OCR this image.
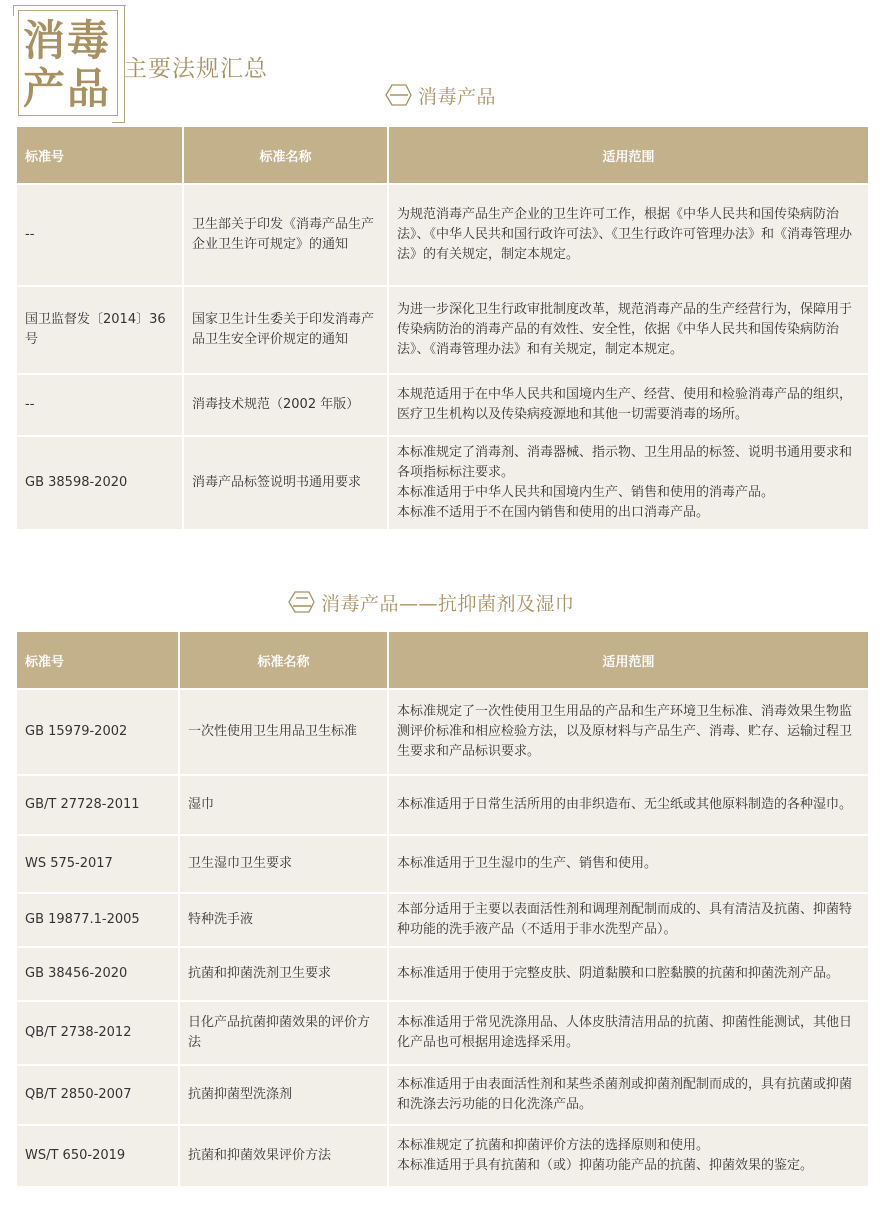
消毒
产品 主要法规汇总
消毒产品
标准号	标准名称	适用范围
--	卫生部关于印发《消毒产品生产企业卫生许可规定》的通知	为规范消毒产品生产企业的卫生许可工作，根据《中华人民共和国传染病防治法》、《中华人民共和国行政许可法》、《卫生行政许可管理办法》和《消毒管理办法》的有关规定，制定本规定。
国卫监督发〔2014〕36号	国家卫生计生委关于印发消毒产品卫生安全评价规定的通知	为进一步深化卫生行政审批制度改革，规范消毒产品的生产经营行为，保障用于传染病防治的消毒产品的有效性、安全性，依据《中华人民共和国传染病防治法》、《消毒管理办法》和有关规定，制定本规定。
--	消毒技术规范（2002 年版）	本规范适用于在中华人民共和国境内生产、经营、使用和检验消毒产品的组织，医疗卫生机构以及传染病疫源地和其他一切需要消毒的场所。
GB 38598-2020	消毒产品标签说明书通用要求	本标准规定了消毒剂、消毒器械、指示物、卫生用品的标签、说明书通用要求和各项指标标注要求。
本标准适用于中华人民共和国境内生产、销售和使用的消毒产品。
本标准不适用于不在国内销售和使用的出口消毒产品。
消毒产品——抗抑菌剂及湿巾
标准号	标准名称	适用范围
GB 15979-2002	一次性使用卫生用品卫生标准	本标准规定了一次性使用卫生用品的产品和生产环境卫生标准、消毒效果生物监测评价标准和相应检验方法，以及原材料与产品生产、消毒、贮存、运输过程卫生要求和产品标识要求。
GB/T 27728-2011	湿巾	本标准适用于日常生活所用的由非织造布、无尘纸或其他原料制造的各种湿巾。
WS 575-2017	卫生湿巾卫生要求	本标准适用于卫生湿巾的生产、销售和使用。
GB 19877.1-2005	特种洗手液	本部分适用于主要以表面活性剂和调理剂配制而成的、具有清洁及抗菌、抑菌特种功能的洗手液产品（不适用于非水洗型产品）。
GB 38456-2020	抗菌和抑菌洗剂卫生要求	本标准适用于使用于完整皮肤、阴道黏膜和口腔黏膜的抗菌和抑菌洗剂产品。
QB/T 2738-2012	日化产品抗菌抑菌效果的评价方法	本标准适用于常见洗涤用品、人体皮肤清洁用品的抗菌、抑菌性能测试，其他日化产品也可根据用途选择采用。
QB/T 2850-2007	抗菌抑菌型洗涤剂	本标准适用于由表面活性剂和某些杀菌剂或抑菌剂配制而成的，具有抗菌或抑菌和洗涤去污功能的日化洗涤产品。
WS/T 650-2019	抗菌和抑菌效果评价方法	本标准规定了抗菌和抑菌评价方法的选择原则和使用。
本标准适用于具有抗菌和（或）抑菌功能产品的抗菌、抑菌效果的鉴定。
